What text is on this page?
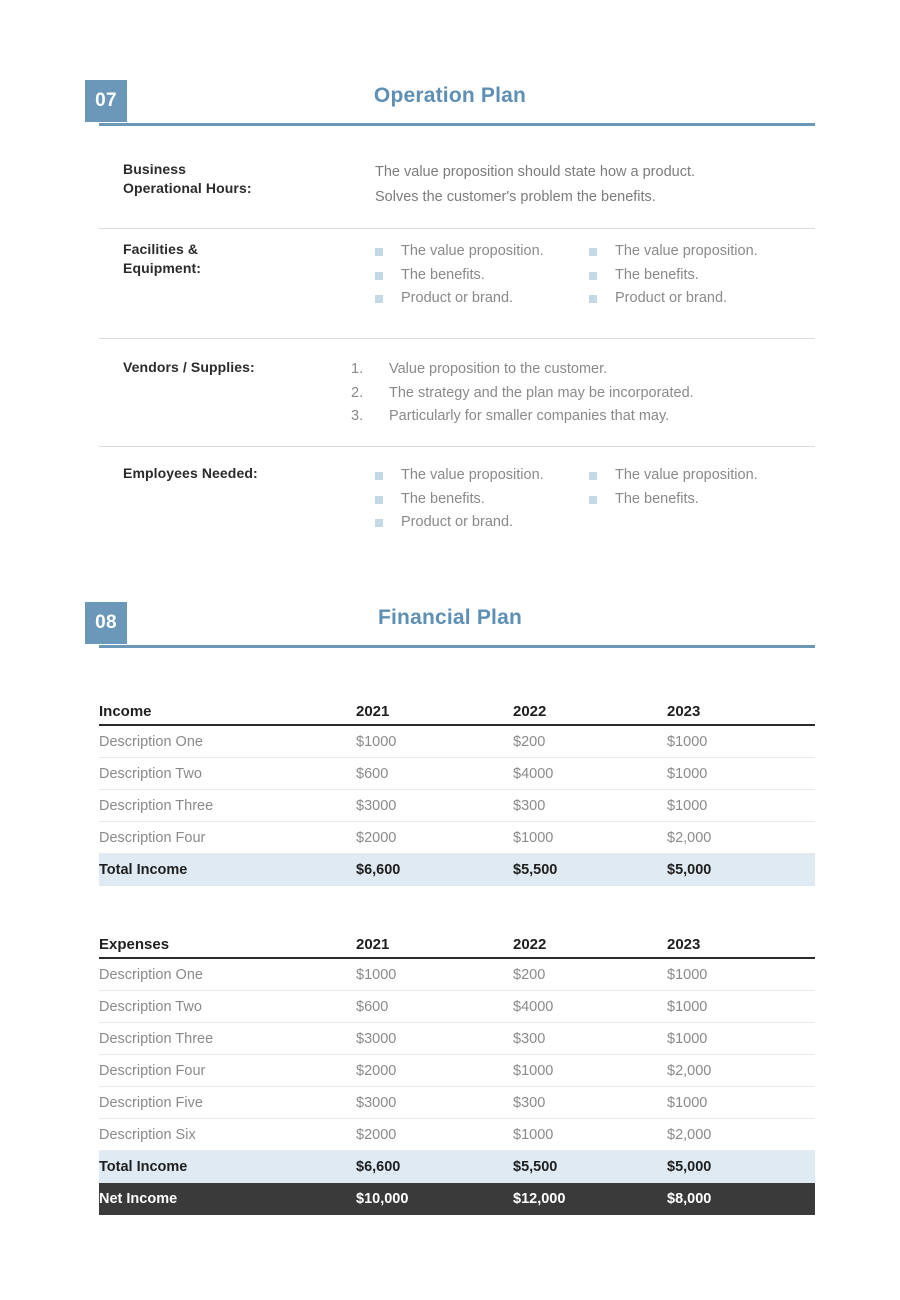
07	Operation Plan
Business
Operational Hours:
The value proposition should state how a product.
Solves the customer's problem the benefits.
Facilities &
Equipment:
The value proposition.
The benefits.
Product or brand.
The value proposition.
The benefits.
Product or brand.
Vendors / Supplies:	1.	Value proposition to the customer.
2.	The strategy and the plan may be incorporated.
3.	Particularly for smaller companies that may.
Employees Needed:	The value proposition.
The benefits.
Product or brand.
The value proposition.
The benefits.
08	Financial Plan
Income	2021	2022	2023
Description One	$1000	$200	$1000
Description Two	$600	$4000	$1000
Description Three	$3000	$300	$1000
Description Four	$2000	$1000	$2,000
Total Income	$6,600	$5,500	$5,000
Expenses	2021	2022	2023
Description One	$1000	$200	$1000
Description Two	$600	$4000	$1000
Description Three	$3000	$300	$1000
Description Four	$2000	$1000	$2,000
Description Five	$3000	$300	$1000
Description Six	$2000	$1000	$2,000
Total Income	$6,600	$5,500	$5,000
Net Income	$10,000	$12,000	$8,000
